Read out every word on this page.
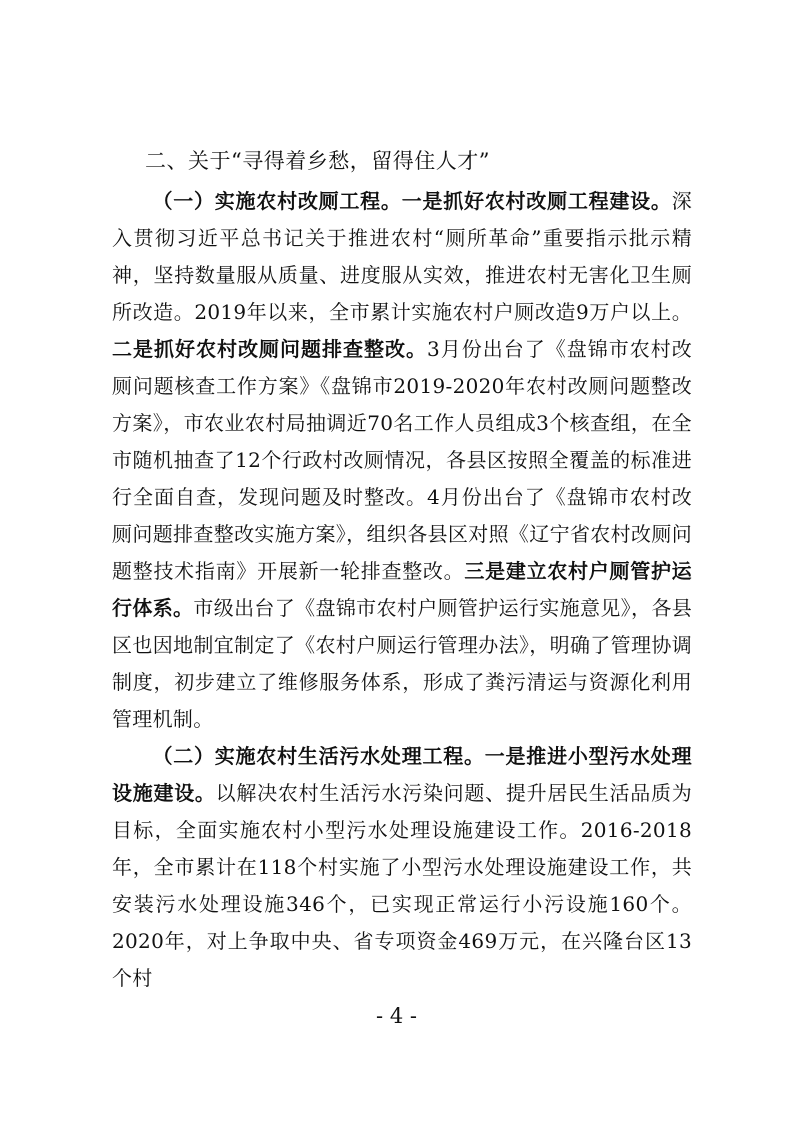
二、关于“寻得着乡愁，留得住人才”

（一）实施农村改厕工程。一是抓好农村改厕工程建设。深入贯彻习近平总书记关于推进农村“厕所革命”重要指示批示精神，坚持数量服从质量、进度服从实效，推进农村无害化卫生厕所改造。2019年以来，全市累计实施农村户厕改造9万户以上。二是抓好农村改厕问题排查整改。3月份出台了《盘锦市农村改厕问题核查工作方案》《盘锦市2019-2020年农村改厕问题整改方案》，市农业农村局抽调近70名工作人员组成3个核查组，在全市随机抽查了12个行政村改厕情况，各县区按照全覆盖的标准进行全面自查，发现问题及时整改。4月份出台了《盘锦市农村改厕问题排查整改实施方案》，组织各县区对照《辽宁省农村改厕问题整技术指南》开展新一轮排查整改。三是建立农村户厕管护运行体系。市级出台了《盘锦市农村户厕管护运行实施意见》，各县区也因地制宜制定了《农村户厕运行管理办法》，明确了管理协调制度，初步建立了维修服务体系，形成了粪污清运与资源化利用管理机制。

（二）实施农村生活污水处理工程。一是推进小型污水处理设施建设。以解决农村生活污水污染问题、提升居民生活品质为目标，全面实施农村小型污水处理设施建设工作。2016-2018年，全市累计在118个村实施了小型污水处理设施建设工作，共安装污水处理设施346个，已实现正常运行小污设施160个。2020年，对上争取中央、省专项资金469万元，在兴隆台区13个村

- 4 -
